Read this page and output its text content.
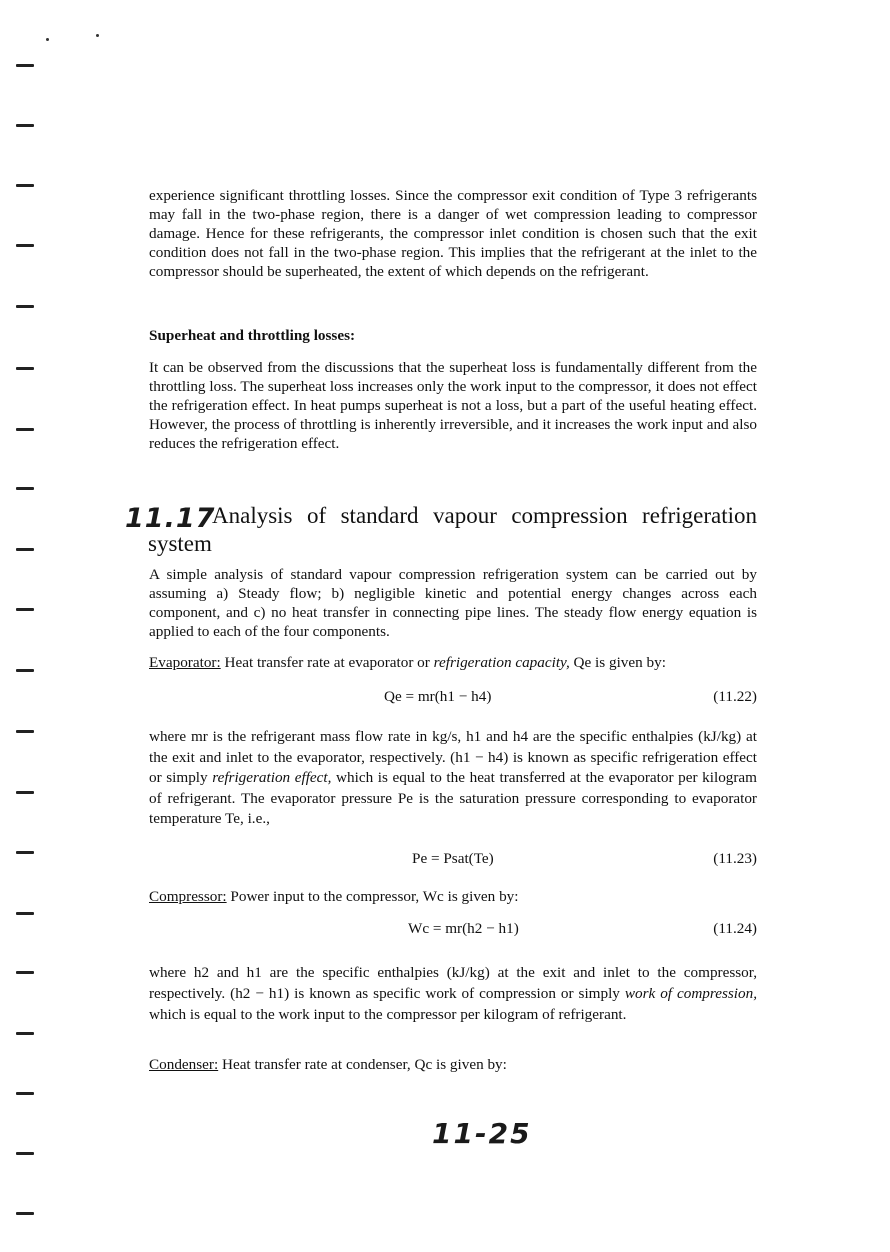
experience significant throttling losses. Since the compressor exit condition of Type 3 refrigerants may fall in the two-phase region, there is a danger of wet compression leading to compressor damage. Hence for these refrigerants, the compressor inlet condition is chosen such that the exit condition does not fall in the two-phase region. This implies that the refrigerant at the inlet to the compressor should be superheated, the extent of which depends on the refrigerant.

Superheat and throttling losses:
It can be observed from the discussions that the superheat loss is fundamentally different from the throttling loss. The superheat loss increases only the work input to the compressor, it does not effect the refrigeration effect. In heat pumps superheat is not a loss, but a part of the useful heating effect. However, the process of throttling is inherently irreversible, and it increases the work input and also reduces the refrigeration effect.
11.17
Analysis of standard vapour compression refrigeration
system
A simple analysis of standard vapour compression refrigeration system can be carried out by assuming a) Steady flow; b) negligible kinetic and potential energy changes across each component, and c) no heat transfer in connecting pipe lines. The steady flow energy equation is applied to each of the four components.
Evaporator: Heat transfer rate at evaporator or refrigeration capacity, Qe is given by:
Qe = mr(h1 − h4)	(11.22)
where mr is the refrigerant mass flow rate in kg/s, h1 and h4 are the specific enthalpies (kJ/kg) at the exit and inlet to the evaporator, respectively. (h1 − h4) is known as specific refrigeration effect or simply refrigeration effect, which is equal to the heat transferred at the evaporator per kilogram of refrigerant. The evaporator pressure Pe is the saturation pressure corresponding to evaporator temperature Te, i.e.,
Pe = Psat(Te)	(11.23)
Compressor: Power input to the compressor, Wc is given by:
Wc = mr(h2 − h1)	(11.24)
where h2 and h1 are the specific enthalpies (kJ/kg) at the exit and inlet to the compressor, respectively. (h2 − h1) is known as specific work of compression or simply work of compression, which is equal to the work input to the compressor per kilogram of refrigerant.
Condenser: Heat transfer rate at condenser, Qc is given by:
11-25
